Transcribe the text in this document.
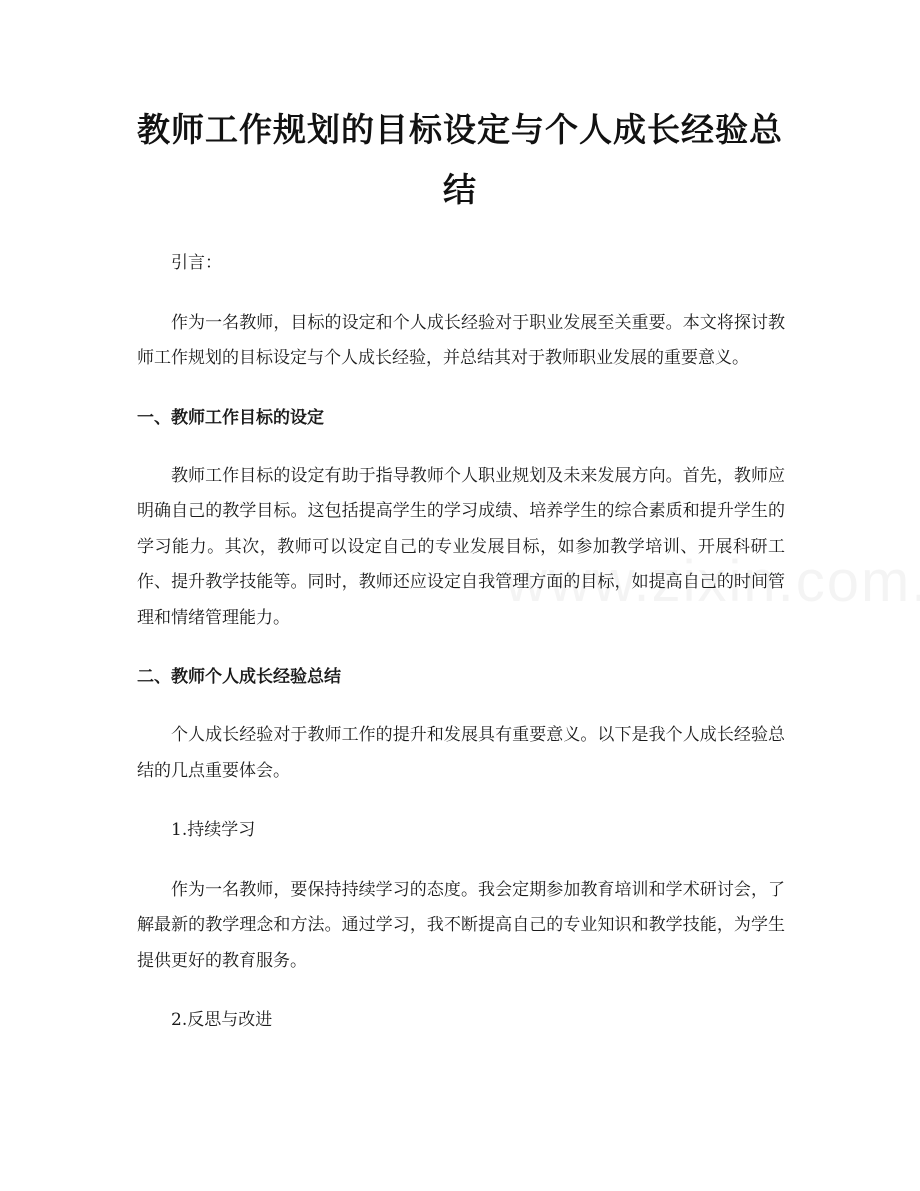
教师工作规划的目标设定与个人成长经验总
结

引言：

作为一名教师，目标的设定和个人成长经验对于职业发展至关重要。本文将探讨教师工作规划的目标设定与个人成长经验，并总结其对于教师职业发展的重要意义。

一、教师工作目标的设定

教师工作目标的设定有助于指导教师个人职业规划及未来发展方向。首先，教师应明确自己的教学目标。这包括提高学生的学习成绩、培养学生的综合素质和提升学生的学习能力。其次，教师可以设定自己的专业发展目标，如参加教学培训、开展科研工作、提升教学技能等。同时，教师还应设定自我管理方面的目标，如提高自己的时间管理和情绪管理能力。

二、教师个人成长经验总结

个人成长经验对于教师工作的提升和发展具有重要意义。以下是我个人成长经验总结的几点重要体会。

1.持续学习

作为一名教师，要保持持续学习的态度。我会定期参加教育培训和学术研讨会，了解最新的教学理念和方法。通过学习，我不断提高自己的专业知识和教学技能，为学生提供更好的教育服务。

2.反思与改进
